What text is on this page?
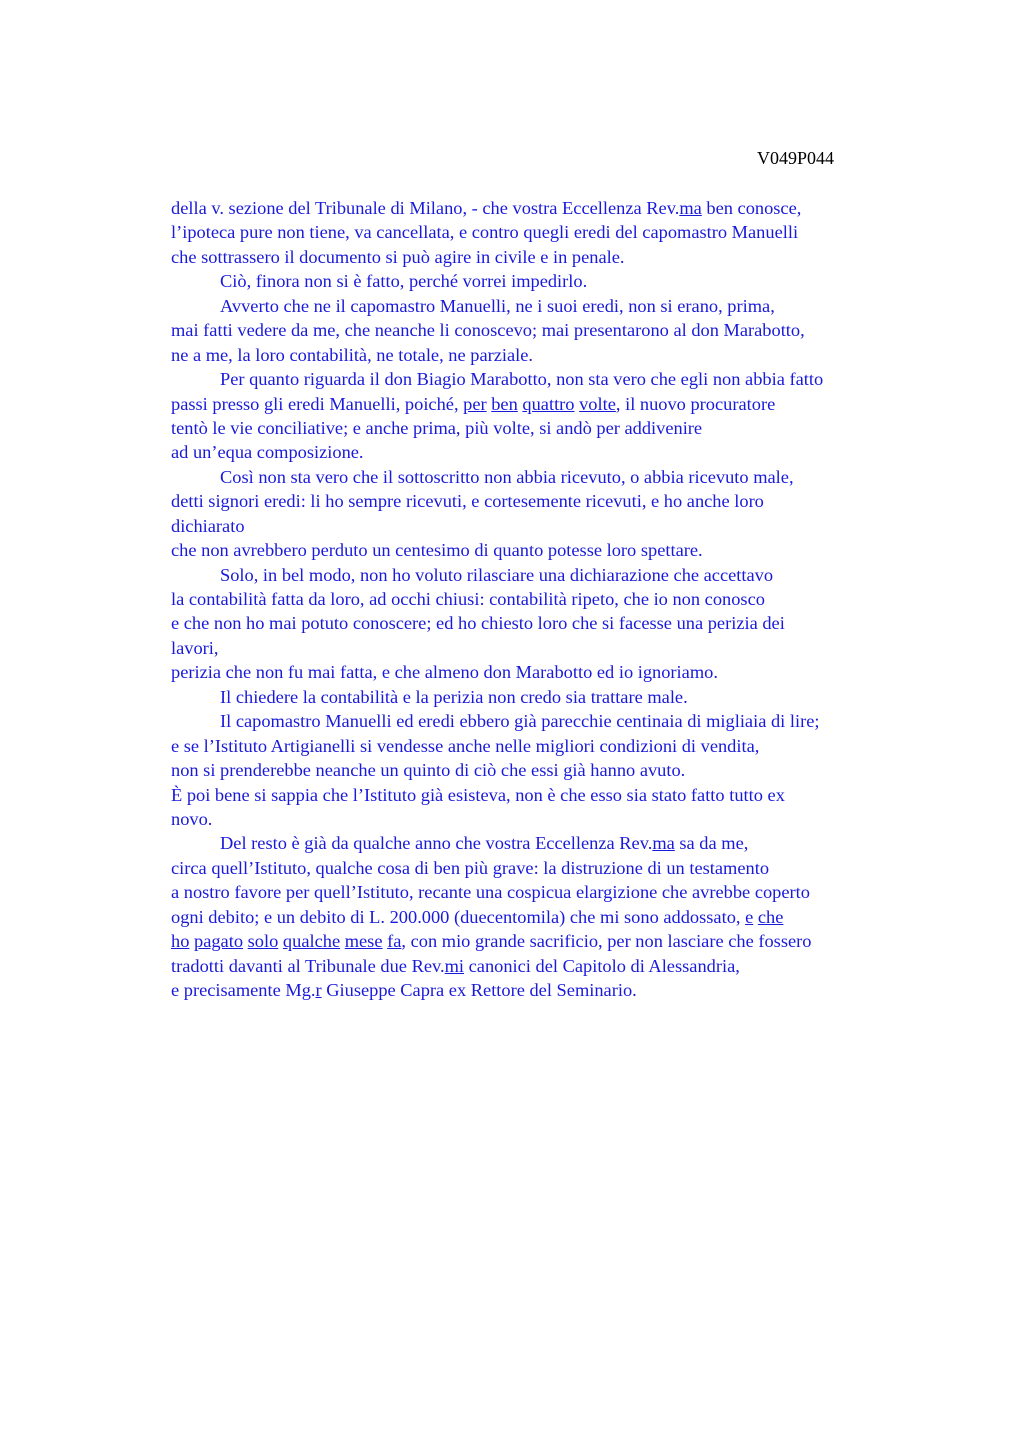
V049P044
della v. sezione del Tribunale di Milano, - che vostra Eccellenza Rev.ma ben conosce,
l’ipoteca pure non tiene, va cancellata, e contro quegli eredi del capomastro Manuelli
che sottrassero il documento si può agire in civile e in penale.
Ciò, finora non si è fatto, perché vorrei impedirlo.
Avverto che ne il capomastro Manuelli, ne i suoi eredi, non si erano, prima,
mai fatti vedere da me, che neanche li conoscevo; mai presentarono al don Marabotto,
ne a me, la loro contabilità, ne totale, ne parziale.
Per quanto riguarda il don Biagio Marabotto, non sta vero che egli non abbia fatto
passi presso gli eredi Manuelli, poiché, per ben quattro volte, il nuovo procuratore
tentò le vie conciliative; e anche prima, più volte, si andò per addivenire
ad un’equa composizione.
Così non sta vero che il sottoscritto non abbia ricevuto, o abbia ricevuto male,
detti signori eredi: li ho sempre ricevuti, e cortesemente ricevuti, e ho anche loro
dichiarato
che non avrebbero perduto un centesimo di quanto potesse loro spettare.
Solo, in bel modo, non ho voluto rilasciare una dichiarazione che accettavo
la contabilità fatta da loro, ad occhi chiusi: contabilità ripeto, che io non conosco
e che non ho mai potuto conoscere; ed ho chiesto loro che si facesse una perizia dei
lavori,
perizia che non fu mai fatta, e che almeno don Marabotto ed io ignoriamo.
Il chiedere la contabilità e la perizia non credo sia trattare male.
Il capomastro Manuelli ed eredi ebbero già parecchie centinaia di migliaia di lire;
e se l’Istituto Artigianelli si vendesse anche nelle migliori condizioni di vendita,
non si prenderebbe neanche un quinto di ciò che essi già hanno avuto.
È poi bene si sappia che l’Istituto già esisteva, non è che esso sia stato fatto tutto ex
novo.
Del resto è già da qualche anno che vostra Eccellenza Rev.ma sa da me,
circa quell’Istituto, qualche cosa di ben più grave: la distruzione di un testamento
a nostro favore per quell’Istituto, recante una cospicua elargizione che avrebbe coperto
ogni debito; e un debito di L. 200.000 (duecentomila) che mi sono addossato, e che
ho pagato solo qualche mese fa, con mio grande sacrificio, per non lasciare che fossero
tradotti davanti al Tribunale due Rev.mi canonici del Capitolo di Alessandria,
e precisamente Mg.r Giuseppe Capra ex Rettore del Seminario.
